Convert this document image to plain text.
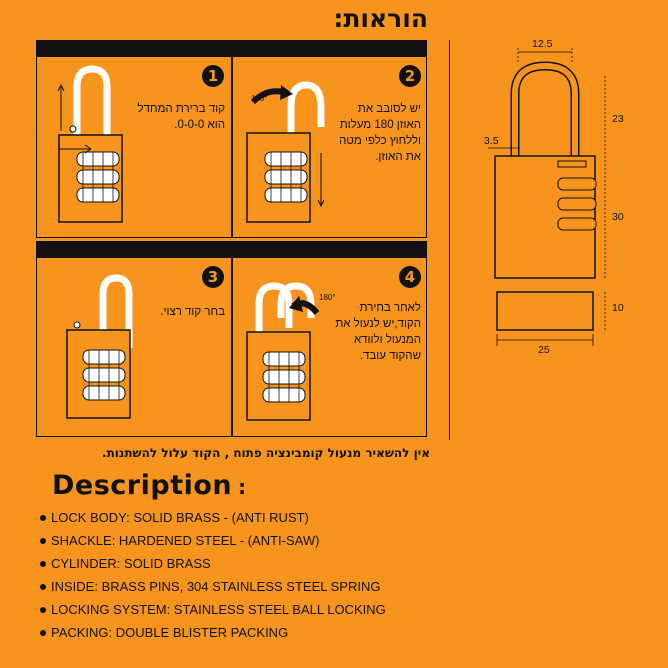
הוראות:
1
קוד ברירת המחדל הוא 0-0-0.
180°
2
יש לסובב את האוזן 180 מעלות וללחוץ כלפי מטה את האוזן.
3
בחר קוד רצוי.
180°
4
לאחר בחירת הקוד,יש לנעול את המנעול ולוודא שהקוד עובד.
12.5
23
3.5
30
10
25
אין להשאיר מנעול קומבינציה פתוח , הקוד עלול להשתנות.
Description :
LOCK BODY: SOLID BRASS - (ANTI RUST)
SHACKLE: HARDENED STEEL - (ANTI-SAW)
CYLINDER: SOLID BRASS
INSIDE: BRASS PINS, 304 STAINLESS STEEL SPRING
LOCKING SYSTEM: STAINLESS STEEL BALL LOCKING
PACKING: DOUBLE BLISTER PACKING
